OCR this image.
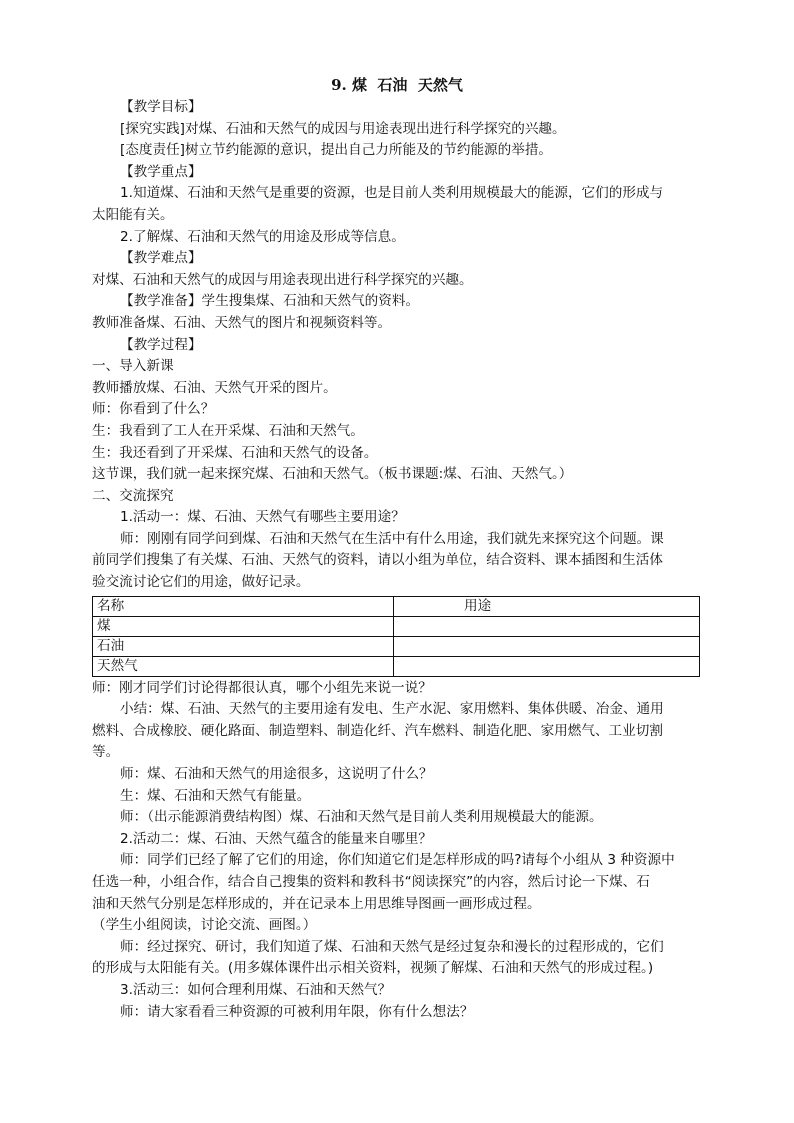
9. 煤  石油  天然气
【教学目标】
[探究实践]对煤、石油和天然气的成因与用途表现出进行科学探究的兴趣。
[态度责任]树立节约能源的意识，提出自己力所能及的节约能源的举措。
【教学重点】
1.知道煤、石油和天然气是重要的资源，也是目前人类利用规模最大的能源，它们的形成与
太阳能有关。
2.了解煤、石油和天然气的用途及形成等信息。
【教学难点】
对煤、石油和天然气的成因与用途表现出进行科学探究的兴趣。
【教学准备】学生搜集煤、石油和天然气的资料。
教师准备煤、石油、天然气的图片和视频资料等。
【教学过程】
一、导入新课
教师播放煤、石油、天然气开采的图片。
师：你看到了什么？
生：我看到了工人在开采煤、石油和天然气。
生：我还看到了开采煤、石油和天然气的设备。
这节课，我们就一起来探究煤、石油和天然气。（板书课题:煤、石油、天然气。）
二、交流探究
1.活动一：煤、石油、天然气有哪些主要用途？
师：刚刚有同学问到煤、石油和天然气在生活中有什么用途，我们就先来探究这个问题。课
前同学们搜集了有关煤、石油、天然气的资料，请以小组为单位，结合资料、课本插图和生活体
验交流讨论它们的用途，做好记录。
名称	用途
煤	
石油	
天然气	
师：刚才同学们讨论得都很认真，哪个小组先来说一说？
小结：煤、石油、天然气的主要用途有发电、生产水泥、家用燃料、集体供暖、冶金、通用
燃料、合成橡胶、硬化路面、制造塑料、制造化纤、汽车燃料、制造化肥、家用燃气、工业切割
等。
师：煤、石油和天然气的用途很多，这说明了什么？
生：煤、石油和天然气有能量。
师：（出示能源消费结构图）煤、石油和天然气是目前人类利用规模最大的能源。
2.活动二：煤、石油、天然气蕴含的能量来自哪里？
师：同学们已经了解了它们的用途，你们知道它们是怎样形成的吗?请每个小组从 3 种资源中
任选一种，小组合作，结合自己搜集的资料和教科书“阅读探究”的内容，然后讨论一下煤、石
油和天然气分别是怎样形成的，并在记录本上用思维导图画一画形成过程。
（学生小组阅读，讨论交流、画图。）
师：经过探究、研讨，我们知道了煤、石油和天然气是经过复杂和漫长的过程形成的，它们
的形成与太阳能有关。(用多媒体课件出示相关资料，视频了解煤、石油和天然气的形成过程。)
3.活动三：如何合理利用煤、石油和天然气？
师：请大家看看三种资源的可被利用年限，你有什么想法？
